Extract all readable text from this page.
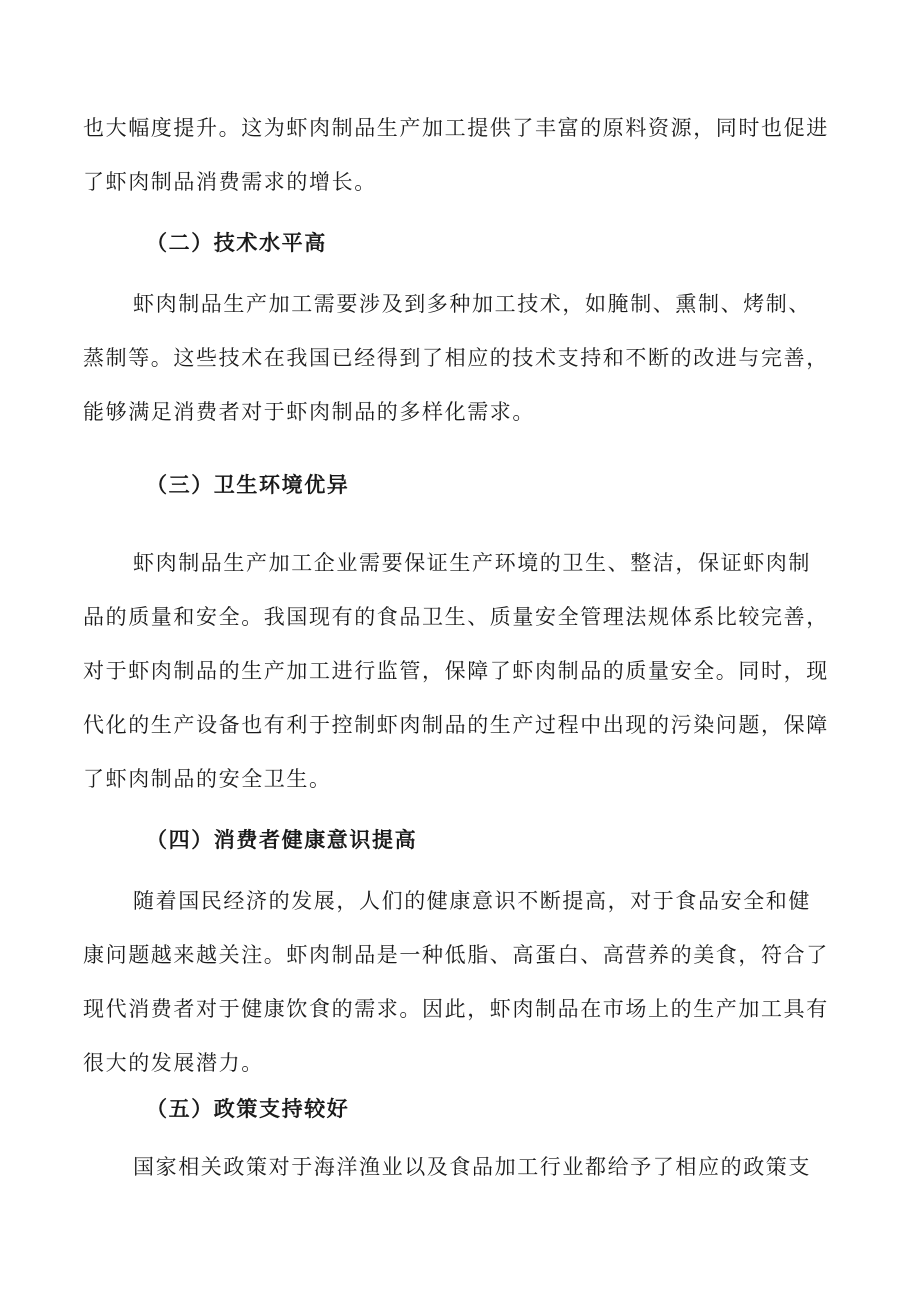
也大幅度提升。这为虾肉制品生产加工提供了丰富的原料资源，同时也促进
了虾肉制品消费需求的增长。

（二）技术水平高

虾肉制品生产加工需要涉及到多种加工技术，如腌制、熏制、烤制、
蒸制等。这些技术在我国已经得到了相应的技术支持和不断的改进与完善，
能够满足消费者对于虾肉制品的多样化需求。

（三）卫生环境优异

虾肉制品生产加工企业需要保证生产环境的卫生、整洁，保证虾肉制
品的质量和安全。我国现有的食品卫生、质量安全管理法规体系比较完善，
对于虾肉制品的生产加工进行监管，保障了虾肉制品的质量安全。同时，现
代化的生产设备也有利于控制虾肉制品的生产过程中出现的污染问题，保障
了虾肉制品的安全卫生。

（四）消费者健康意识提高

随着国民经济的发展，人们的健康意识不断提高，对于食品安全和健
康问题越来越关注。虾肉制品是一种低脂、高蛋白、高营养的美食，符合了
现代消费者对于健康饮食的需求。因此，虾肉制品在市场上的生产加工具有
很大的发展潜力。

（五）政策支持较好

国家相关政策对于海洋渔业以及食品加工行业都给予了相应的政策支
